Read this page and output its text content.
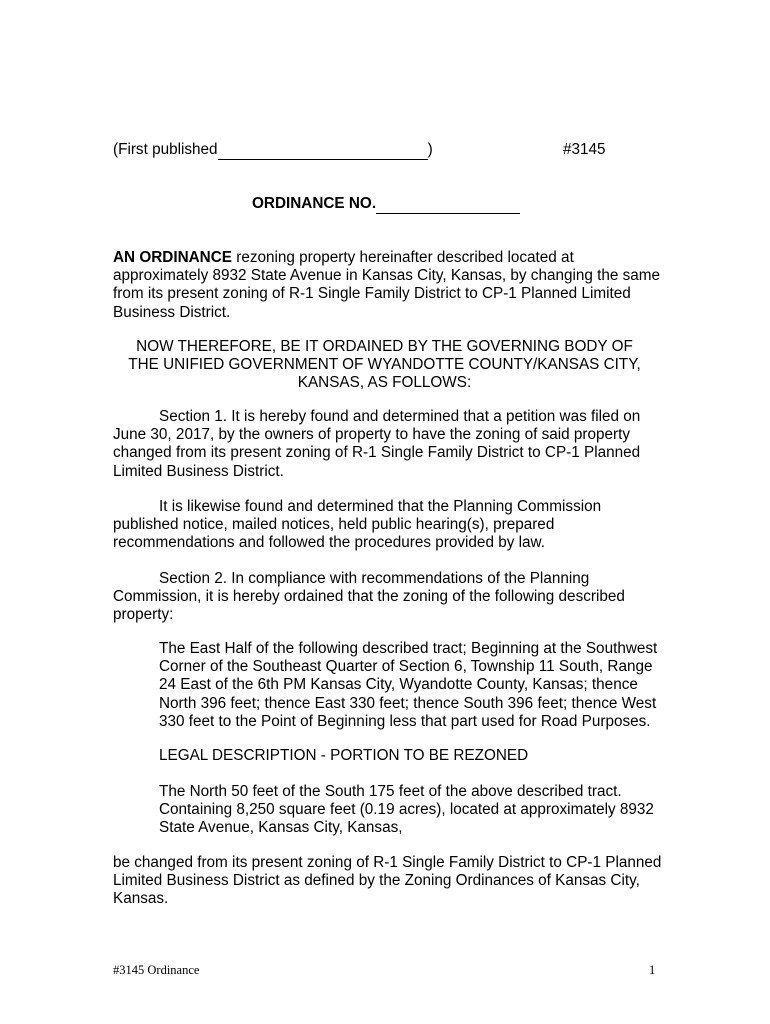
(First published	)	#3145
ORDINANCE NO.
AN ORDINANCE rezoning property hereinafter described located at
approximately 8932 State Avenue in Kansas City, Kansas, by changing the same
from its present zoning of R-1 Single Family District to CP-1 Planned Limited
Business District.
NOW THEREFORE, BE IT ORDAINED BY THE GOVERNING BODY OF
THE UNIFIED GOVERNMENT OF WYANDOTTE COUNTY/KANSAS CITY,
KANSAS, AS FOLLOWS:
Section 1. It is hereby found and determined that a petition was filed on
June 30, 2017, by the owners of property to have the zoning of said property
changed from its present zoning of R-1 Single Family District to CP-1 Planned
Limited Business District.
It is likewise found and determined that the Planning Commission
published notice, mailed notices, held public hearing(s), prepared
recommendations and followed the procedures provided by law.
Section 2. In compliance with recommendations of the Planning
Commission, it is hereby ordained that the zoning of the following described
property:
The East Half of the following described tract; Beginning at the Southwest
Corner of the Southeast Quarter of Section 6, Township 11 South, Range
24 East of the 6th PM Kansas City, Wyandotte County, Kansas; thence
North 396 feet; thence East 330 feet; thence South 396 feet; thence West
330 feet to the Point of Beginning less that part used for Road Purposes.
LEGAL DESCRIPTION - PORTION TO BE REZONED
The North 50 feet of the South 175 feet of the above described tract.
Containing 8,250 square feet (0.19 acres), located at approximately 8932
State Avenue, Kansas City, Kansas,
be changed from its present zoning of R-1 Single Family District to CP-1 Planned
Limited Business District as defined by the Zoning Ordinances of Kansas City,
Kansas.
#3145 Ordinance	1
